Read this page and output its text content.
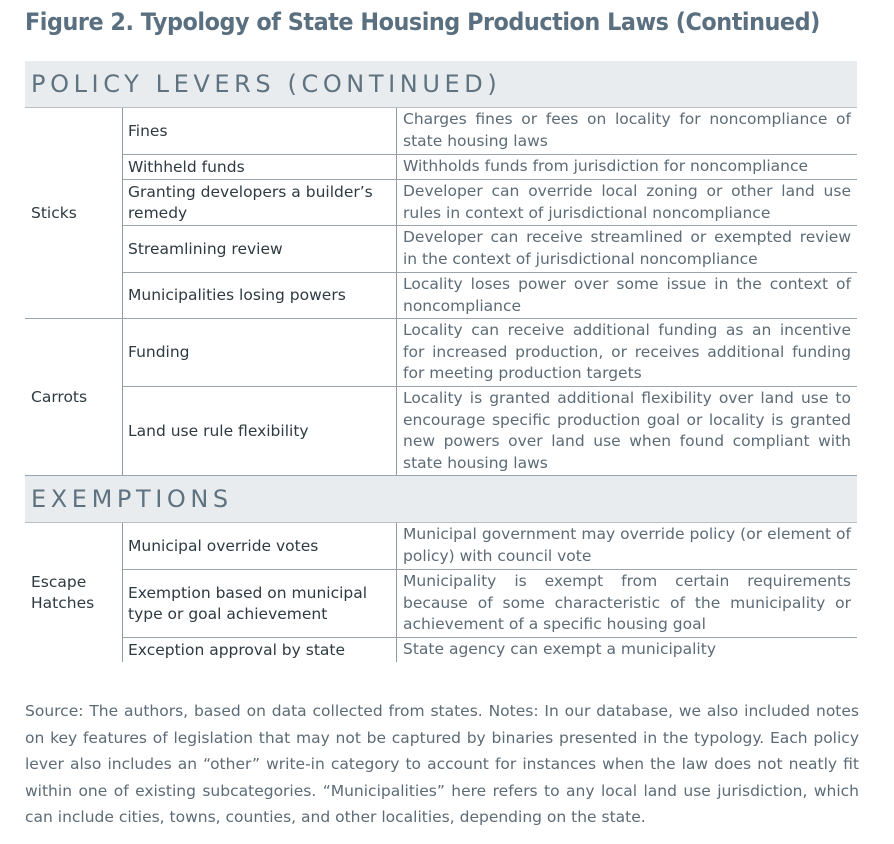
Figure 2. Typology of State Housing Production Laws (Continued)
POLICY LEVERS (CONTINUED)
Sticks
Fines
Charges fines or fees on locality for noncompliance of state housing laws
Withheld funds	Withholds funds from jurisdiction for noncompliance
Granting developers a builder’s remedy
Developer can override local zoning or other land use rules in context of jurisdictional noncompliance
Streamlining review
Developer can receive streamlined or exempted review in the context of jurisdictional noncompliance
Municipalities losing powers
Locality loses power over some issue in the context of noncompliance
Carrots
Funding
Locality can receive additional funding as an incentive for increased production, or receives additional funding for meeting production targets
Land use rule flexibility
Locality is granted additional flexibility over land use to encourage specific production goal or locality is granted new powers over land use when found compliant with state housing laws
EXEMPTIONS
Escape Hatches
Municipal override votes
Municipal government may override policy (or element of policy) with council vote
Exemption based on municipal type or goal achievement
Municipality is exempt from certain requirements because of some characteristic of the municipality or achievement of a specific housing goal
Exception approval by state	State agency can exempt a municipality

Source: The authors, based on data collected from states. Notes: In our database, we also included notes on key features of legislation that may not be captured by binaries presented in the typology. Each policy lever also includes an “other” write-in category to account for instances when the law does not neatly fit within one of existing subcategories. “Municipalities” here refers to any local land use jurisdiction, which can include cities, towns, counties, and other localities, depending on the state.
